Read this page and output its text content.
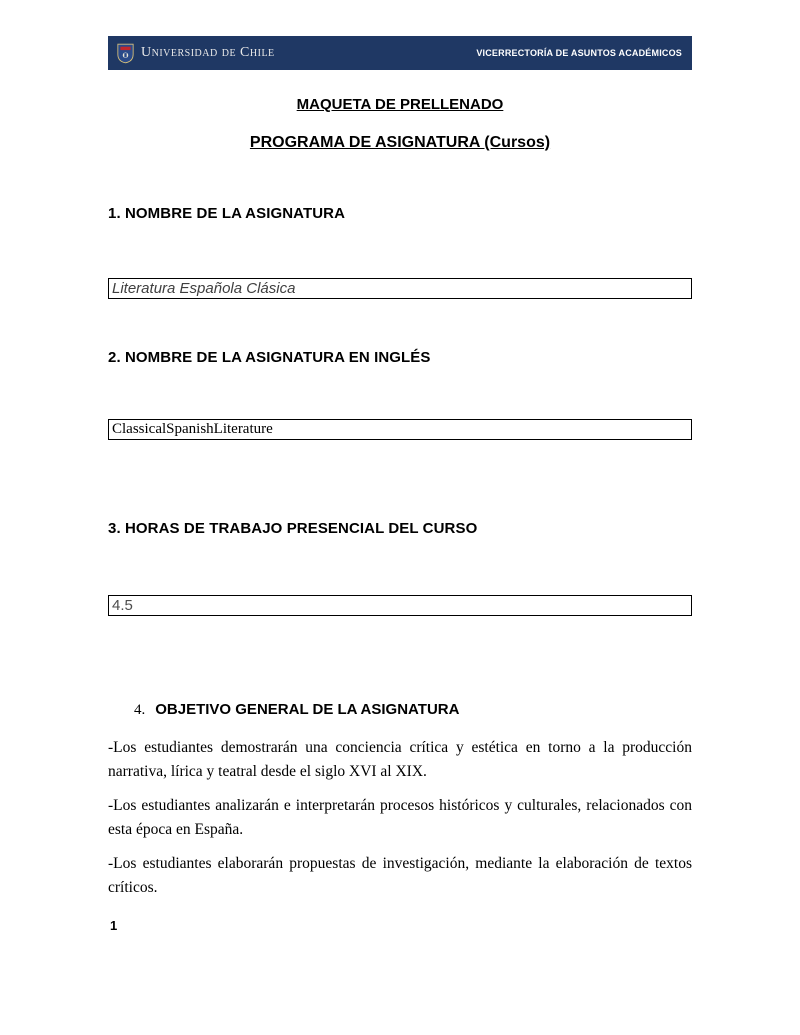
Universidad de Chile	VICERRECTORÍA DE ASUNTOS ACADÉMICOS
MAQUETA DE PRELLENADO
PROGRAMA DE ASIGNATURA (Cursos)
1. NOMBRE DE LA ASIGNATURA
Literatura Española Clásica
2. NOMBRE DE LA ASIGNATURA EN INGLÉS
ClassicalSpanishLiterature
3. HORAS DE TRABAJO PRESENCIAL DEL CURSO
4.5
4. OBJETIVO GENERAL DE LA ASIGNATURA

-Los estudiantes demostrarán una conciencia crítica y estética en torno a la producción narrativa, lírica y teatral desde el siglo XVI al XIX.

-Los estudiantes analizarán e interpretarán procesos históricos y culturales, relacionados con esta época en España.

-Los estudiantes elaborarán propuestas de investigación, mediante la elaboración de textos críticos.

1
